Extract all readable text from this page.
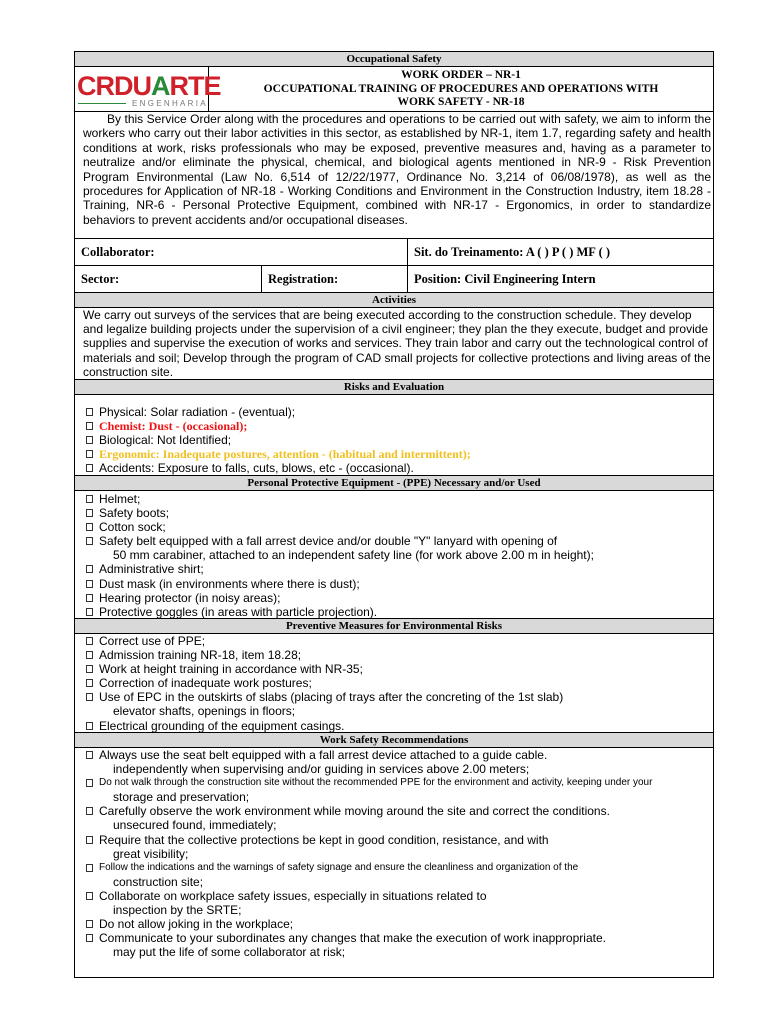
Occupational Safety
CRDUARTE
ENGENHARIA
WORK ORDER – NR-1
OCCUPATIONAL TRAINING OF PROCEDURES AND OPERATIONS WITH
WORK SAFETY - NR-18

By this Service Order along with the procedures and operations to be carried out with safety, we aim to inform the workers who carry out their labor activities in this sector, as established by NR-1, item 1.7, regarding safety and health conditions at work, risks professionals who may be exposed, preventive measures and, having as a parameter to neutralize and/or eliminate the physical, chemical, and biological agents mentioned in NR-9 - Risk Prevention Program Environmental (Law No. 6,514 of 12/22/1977, Ordinance No. 3,214 of 06/08/1978), as well as the procedures for Application of NR-18 - Working Conditions and Environment in the Construction Industry, item 18.28 - Training, NR-6 - Personal Protective Equipment, combined with NR-17 - Ergonomics, in order to standardize behaviors to prevent accidents and/or occupational diseases.

Collaborator:	Sit. do Treinamento: A ( ) P ( ) MF ( )
Sector:	Registration:	Position: Civil Engineering Intern
Activities

We carry out surveys of the services that are being executed according to the construction schedule. They develop and legalize building projects under the supervision of a civil engineer; they plan the they execute, budget and provide supplies and supervise the execution of works and services. They train labor and carry out the technological control of materials and soil; Develop through the program of CAD small projects for collective protections and living areas of the construction site.

Risks and Evaluation
Physical: Solar radiation - (eventual);
Chemist: Dust - (occasional);
Biological: Not Identified;
Ergonomic: Inadequate postures, attention - (habitual and intermittent);
Accidents: Exposure to falls, cuts, blows, etc - (occasional).
Personal Protective Equipment - (PPE) Necessary and/or Used
Helmet;
Safety boots;
Cotton sock;
Safety belt equipped with a fall arrest device and/or double "Y" lanyard with opening of
50 mm carabiner, attached to an independent safety line (for work above 2.00 m in height);
Administrative shirt;
Dust mask (in environments where there is dust);
Hearing protector (in noisy areas);
Protective goggles (in areas with particle projection).
Preventive Measures for Environmental Risks
Correct use of PPE;
Admission training NR-18, item 18.28;
Work at height training in accordance with NR-35;
Correction of inadequate work postures;
Use of EPC in the outskirts of slabs (placing of trays after the concreting of the 1st slab)
elevator shafts, openings in floors;
Electrical grounding of the equipment casings.
Work Safety Recommendations
Always use the seat belt equipped with a fall arrest device attached to a guide cable.
independently when supervising and/or guiding in services above 2.00 meters;
Do not walk through the construction site without the recommended PPE for the environment and activity, keeping under your
storage and preservation;
Carefully observe the work environment while moving around the site and correct the conditions.
unsecured found, immediately;
Require that the collective protections be kept in good condition, resistance, and with
great visibility;
Follow the indications and the warnings of safety signage and ensure the cleanliness and organization of the
construction site;
Collaborate on workplace safety issues, especially in situations related to
inspection by the SRTE;
Do not allow joking in the workplace;
Communicate to your subordinates any changes that make the execution of work inappropriate.
may put the life of some collaborator at risk;
